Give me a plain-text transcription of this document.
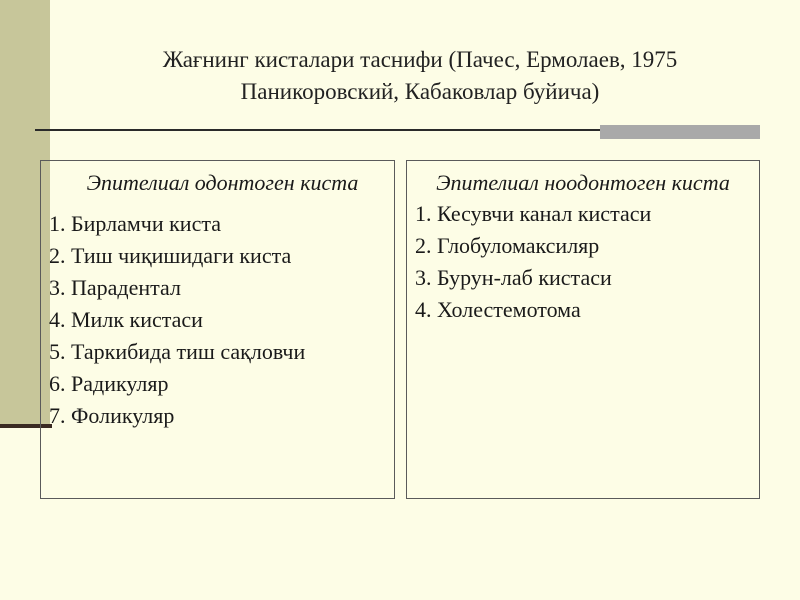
Жағнинг кисталари таснифи (Пачес, Ермолаев, 1975
Паникоровский, Кабаковлар буйича)
Эпителиал одонтоген киста
1. Бирламчи киста
2. Тиш чиқишидаги киста
3. Парадентал
4. Милк кистаси
5. Таркибида тиш сақловчи
6. Радикуляр
7. Фоликуляр
Эпителиал ноодонтоген киста
1. Кесувчи канал кистаси
2. Глобуломаксиляр
3. Бурун-лаб кистаси
4. Холестемотома
